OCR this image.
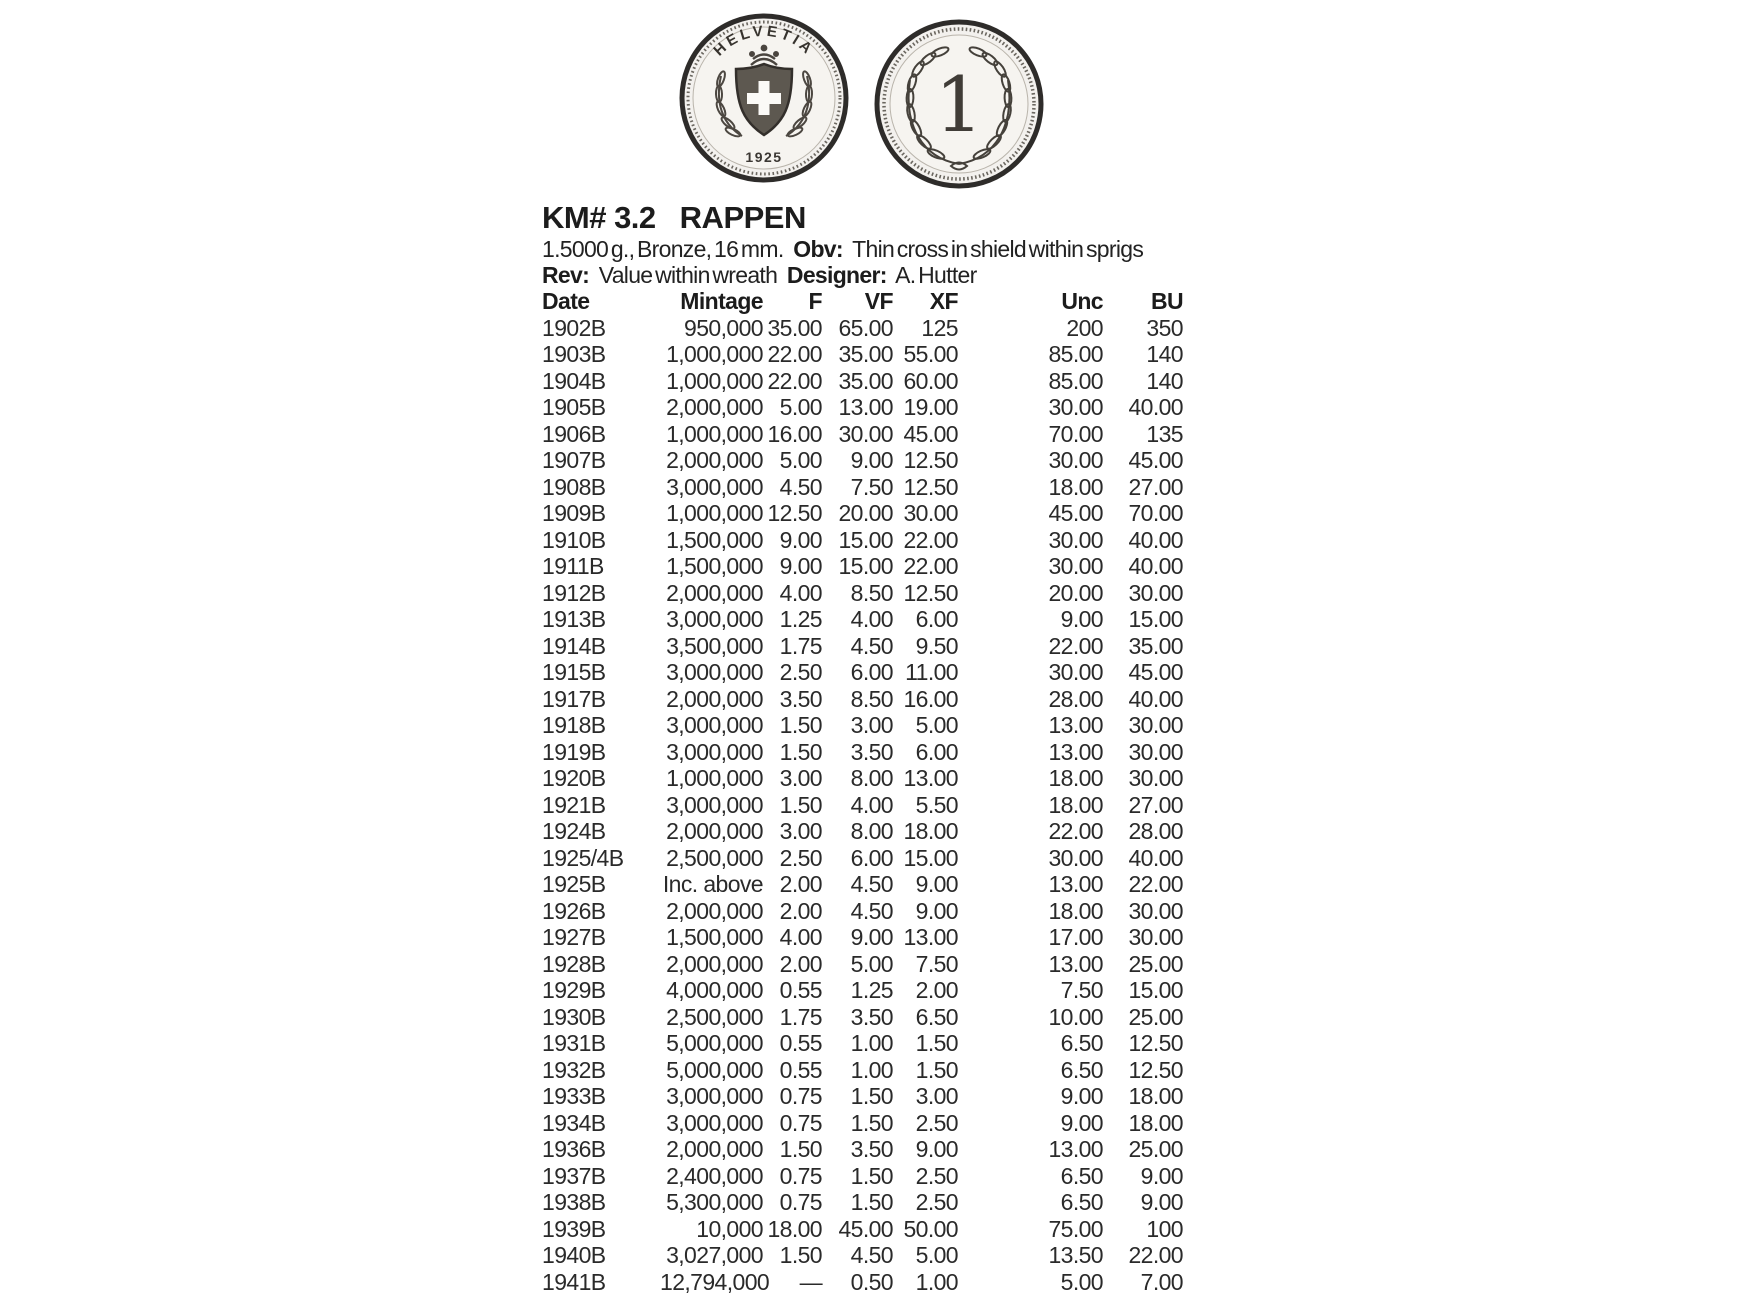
HELVETIA
1925
1
KM# 3.2 RAPPEN
1.5000 g., Bronze, 16 mm. Obv: Thin cross in shield within sprigs
Rev: Value within wreath Designer: A. Hutter
Date	Mintage	F	VF	XF	Unc	BU
1902B	950,000	35.00	65.00	125	200	350
1903B	1,000,000	22.00	35.00	55.00	85.00	140
1904B	1,000,000	22.00	35.00	60.00	85.00	140
1905B	2,000,000	5.00	13.00	19.00	30.00	40.00
1906B	1,000,000	16.00	30.00	45.00	70.00	135
1907B	2,000,000	5.00	9.00	12.50	30.00	45.00
1908B	3,000,000	4.50	7.50	12.50	18.00	27.00
1909B	1,000,000	12.50	20.00	30.00	45.00	70.00
1910B	1,500,000	9.00	15.00	22.00	30.00	40.00
1911B	1,500,000	9.00	15.00	22.00	30.00	40.00
1912B	2,000,000	4.00	8.50	12.50	20.00	30.00
1913B	3,000,000	1.25	4.00	6.00	9.00	15.00
1914B	3,500,000	1.75	4.50	9.50	22.00	35.00
1915B	3,000,000	2.50	6.00	11.00	30.00	45.00
1917B	2,000,000	3.50	8.50	16.00	28.00	40.00
1918B	3,000,000	1.50	3.00	5.00	13.00	30.00
1919B	3,000,000	1.50	3.50	6.00	13.00	30.00
1920B	1,000,000	3.00	8.00	13.00	18.00	30.00
1921B	3,000,000	1.50	4.00	5.50	18.00	27.00
1924B	2,000,000	3.00	8.00	18.00	22.00	28.00
1925/4B	2,500,000	2.50	6.00	15.00	30.00	40.00
1925B	Inc. above	2.00	4.50	9.00	13.00	22.00
1926B	2,000,000	2.00	4.50	9.00	18.00	30.00
1927B	1,500,000	4.00	9.00	13.00	17.00	30.00
1928B	2,000,000	2.00	5.00	7.50	13.00	25.00
1929B	4,000,000	0.55	1.25	2.00	7.50	15.00
1930B	2,500,000	1.75	3.50	6.50	10.00	25.00
1931B	5,000,000	0.55	1.00	1.50	6.50	12.50
1932B	5,000,000	0.55	1.00	1.50	6.50	12.50
1933B	3,000,000	0.75	1.50	3.00	9.00	18.00
1934B	3,000,000	0.75	1.50	2.50	9.00	18.00
1936B	2,000,000	1.50	3.50	9.00	13.00	25.00
1937B	2,400,000	0.75	1.50	2.50	6.50	9.00
1938B	5,300,000	0.75	1.50	2.50	6.50	9.00
1939B	10,000	18.00	45.00	50.00	75.00	100
1940B	3,027,000	1.50	4.50	5.00	13.50	22.00
1941B	12,794,000	—	0.50	1.00	5.00	7.00
